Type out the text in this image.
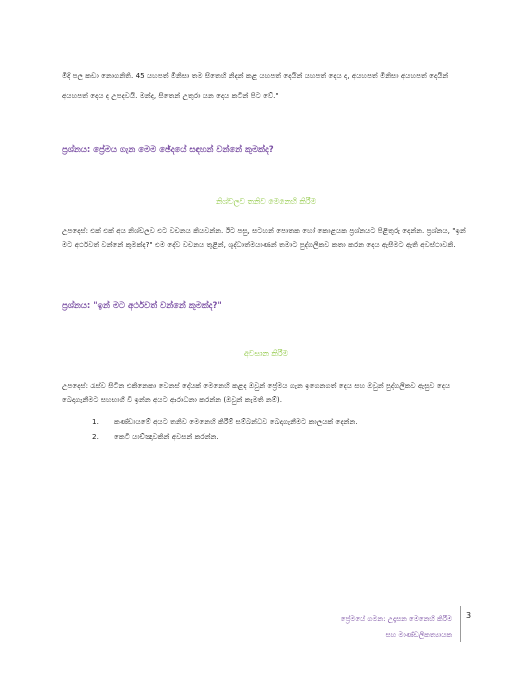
මිදි පල කඩා නොගනිති. 45 යහපත් මිනිසා තම සිතෙහි නිදන් කළ යහපත් දෙයින් යහපත් දෙය ද, අයහපත් මිනිසා අයහපත් දෙයින් අයහපත් දෙය ද උපදවයි. මන්ද, සිතෙන් උතුරා යන දෙය කටින් පිට වේ."
ප්‍රශ්නය: ප්‍රේමය ගැන මෙම ඡේදයේ සඳහන් වන්නේ කුමක්ද?
නිශ්චලව තනිව මෙනෙහි කිරීම
උපදෙස්: එක් එක් අය නිශ්චලව එට වචනය කියවන්න. ඊට පසු, සටහන් පොතක හෝ කොළයක ප්‍රශ්නයට පිළිතුරු දෙන්න. ප්‍රශ්නය, "ඉන් මට අර්ථවත් වන්නේ කුමක්ද?" එම දේව වචනය තුළින්, ශුද්ධාත්මයාණන් තමාට පුද්ගලිකව කතා කරන දෙය ඇසීමට ඇති අවස්ථාවකි.
ප්‍රශ්නය: "ඉන් මට අර්ථවත් වන්නේ කුමක්ද?"
අවසාන කිරීම
උපදෙස්: රැස්ව සිටින එකිනෙකා වෙනස් දේයක් මෙනෙහි කළද ඔවුන් ප්‍රේමය ගැන ඉගෙනගත් දෙය සහ ඔවුන් පුද්ගලිකව ඇසුව දෙය බෙදාගැනීමට සහභාගී වී ඉන්න අයට ආරාධනා කරන්න (ඔවුන් කැමති නම්).
1.	කණ්ඩායමේ අයට තනිව මෙනෙහි කිරීම් සම්බන්ධව බෙදාගැනීමට කාලයක් දෙන්න.
2.	කෙටි යාච්ඤාවකින් අවසන් කරන්න.
ප්‍රේමයේ ගමන: උදෑසන මෙනෙහි කිරීම
සහ මාණ්ඩලිකත්‍යායක
3
